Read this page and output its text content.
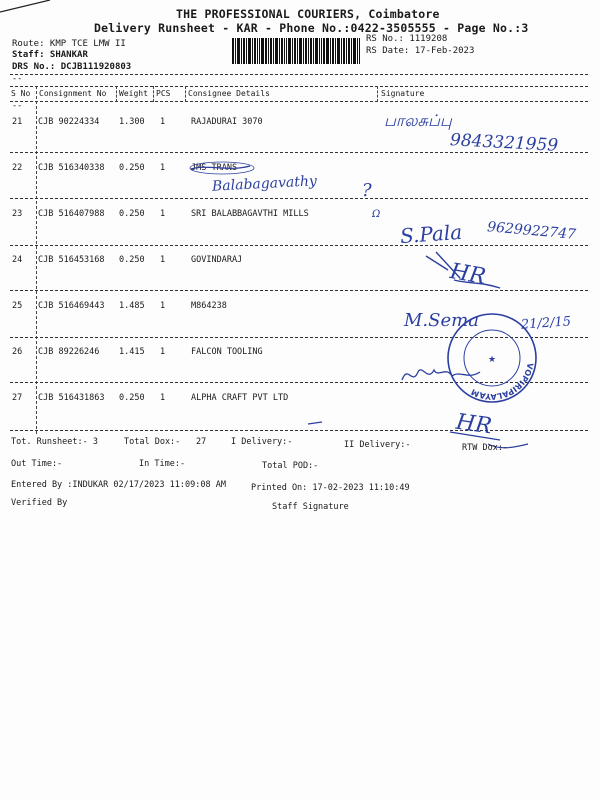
THE PROFESSIONAL COURIERS, Coimbatore
Delivery Runsheet - KAR - Phone No.:0422-3505555 - Page No.:3
Route: KMP TCE LMW II
Staff: SHANKAR
DRS No.: DCJB111920803
RS No.: 1119208
RS Date: 17-Feb-2023
--
--
S No Consignment No Weight PCS Consignee Details	Signature
21 CJB 90224334 1.300 1	RAJADURAI 3070
22 CJB 516340338 0.250 1	JMS TRANS
23 CJB 516407988 0.250 1	SRI BALABBAGAVTHI MILLS
24 CJB 516453168 0.250 1	GOVINDARAJ
25 CJB 516469443 1.485 1	M864238
26 CJB 89226246 1.415 1	FALCON TOOLING
27 CJB 516431863 0.250 1	ALPHA CRAFT PVT LTD
பாலசுப்பு
9843321959
Balabagavathy ?
Ω
S.Pala 9629922747
HR
M.Sema	21/2/15
VOPIRIPALAYAM
★
HR
Tot. Runsheet:- 3	Total Dox:- 27	I Delivery:-	II Delivery:-	RTW Dox:-
Out Time:-	In Time:-	Total POD:-
Entered By :INDUKAR 02/17/2023 11:09:08 AM	Printed On: 17-02-2023 11:10:49
Verified By	Staff Signature
